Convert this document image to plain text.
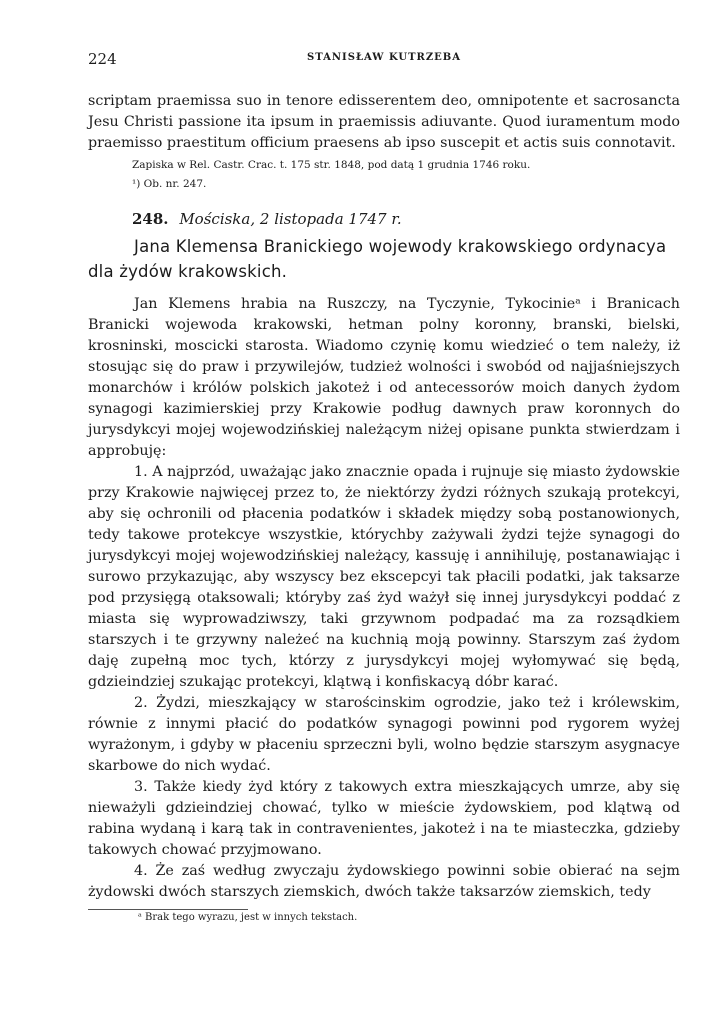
224	STANISŁAW KUTRZEBA

scriptam praemissa suo in tenore edisserentem deo, omnipotente et sacrosancta Jesu Christi passione ita ipsum in praemissis adiuvante. Quod iuramentum modo praemisso praestitum officium praesens ab ipso suscepit et actis suis connotavit.

Zapiska w Rel. Castr. Crac. t. 175 str. 1848, pod datą 1 grudnia 1746 roku.

¹) Ob. nr. 247.

248. Mościska, 2 listopada 1747 r.

Jana Klemensa Branickiego wojewody krakowskiego ordynacya dla żydów krakowskich.

Jan Klemens hrabia na Ruszczy, na Tyczynie, Tykocinieᵃ i Branicach Branicki wojewoda krakowski, hetman polny koronny, branski, bielski, krosninski, moscicki starosta. Wiadomo czynię komu wiedzieć o tem należy, iż stosując się do praw i przywilejów, tudzież wolności i swobód od najjaśniejszych monarchów i królów polskich jakoteż i od antecessorów moich danych żydom synagogi kazimierskiej przy Krakowie podług dawnych praw koronnych do jurysdykcyi mojej wojewodzińskiej należącym niżej opisane punkta stwierdzam i approbuję:

1. A najprzód, uważając jako znacznie opada i rujnuje się miasto żydowskie przy Krakowie najwięcej przez to, że niektórzy żydzi różnych szukają protekcyi, aby się ochronili od płacenia podatków i składek między sobą postanowionych, tedy takowe protekcye wszystkie, którychby zażywali żydzi tejże synagogi do jurysdykcyi mojej wojewodzińskiej należący, kassuję i annihiluję, postanawiając i surowo przykazując, aby wszyscy bez ekscepcyi tak płacili podatki, jak taksarze pod przysięgą otaksowali; któryby zaś żyd ważył się innej jurysdykcyi poddać z miasta się wyprowadziwszy, taki grzywnom podpadać ma za rozsądkiem starszych i te grzywny należeć na kuchnią moją powinny. Starszym zaś żydom daję zupełną moc tych, którzy z jurysdykcyi mojej wyłomywać się będą, gdzieindziej szukając protekcyi, klątwą i konfiskacyą dóbr karać.

2. Żydzi, mieszkający w starościnskim ogrodzie, jako też i królewskim, równie z innymi płacić do podatków synagogi powinni pod rygorem wyżej wyrażonym, i gdyby w płaceniu sprzeczni byli, wolno będzie starszym asygnacye skarbowe do nich wydać.

3. Także kiedy żyd który z takowych extra mieszkających umrze, aby się nieważyli gdzieindziej chować, tylko w mieście żydowskiem, pod klątwą od rabina wydaną i karą tak in contravenientes, jakoteż i na te miasteczka, gdzieby takowych chować przyjmowano.

4. Że zaś według zwyczaju żydowskiego powinni sobie obierać na sejm żydowski dwóch starszych ziemskich, dwóch także taksarzów ziemskich, tedy

ᵃ Brak tego wyrazu, jest w innych tekstach.
